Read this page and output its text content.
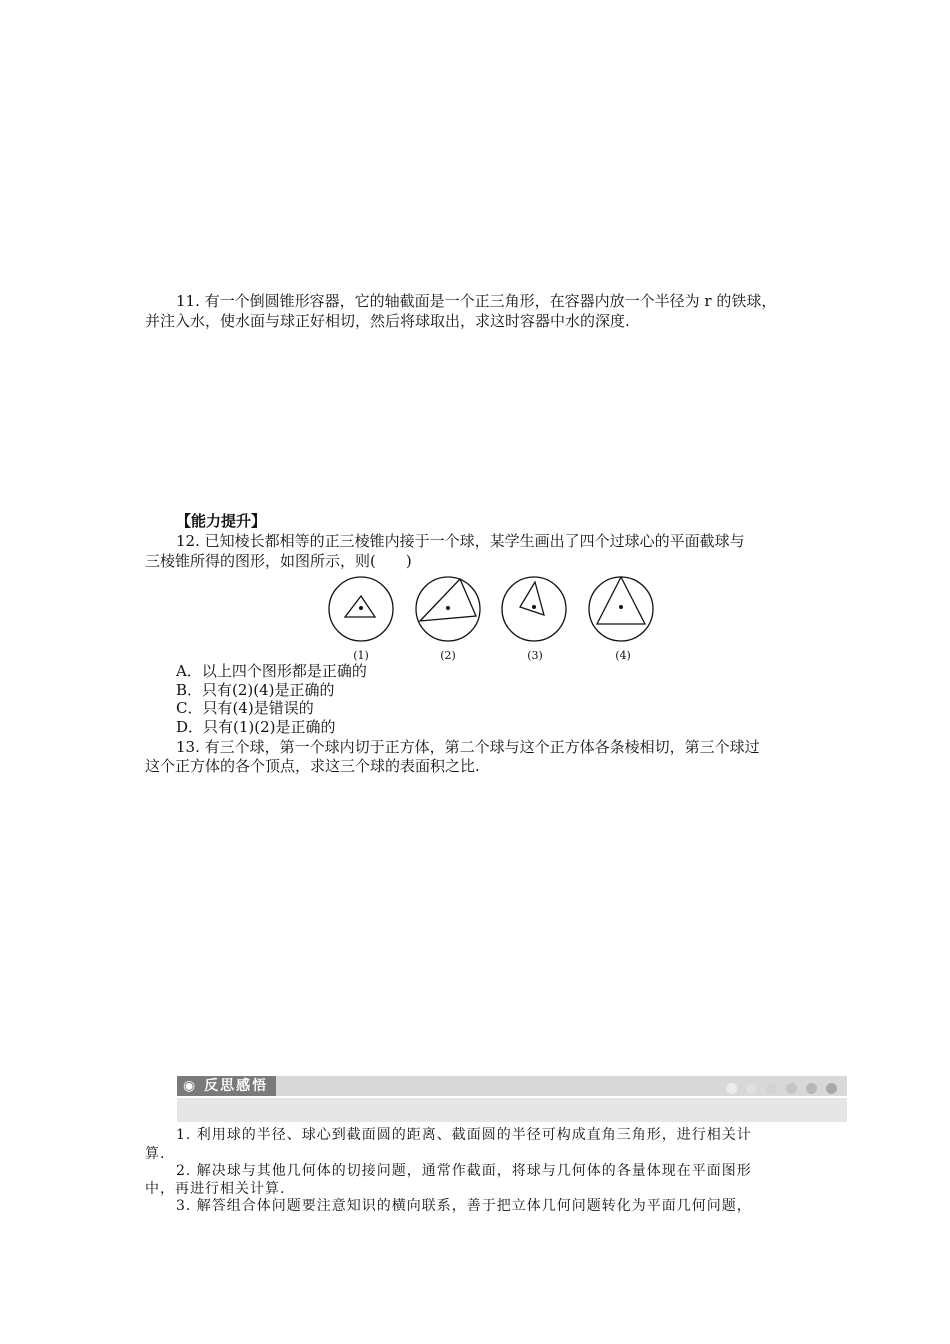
11. 有一个倒圆锥形容器，它的轴截面是一个正三角形，在容器内放一个半径为 r 的铁球，
并注入水，使水面与球正好相切，然后将球取出，求这时容器中水的深度.
【能力提升】
12. 已知棱长都相等的正三棱锥内接于一个球，某学生画出了四个过球心的平面截球与
三棱锥所得的图形，如图所示，则(　　)
(1)	(2)	(3)	(4)
A．以上四个图形都是正确的
B．只有(2)(4)是正确的
C．只有(4)是错误的
D．只有(1)(2)是正确的
13. 有三个球，第一个球内切于正方体，第二个球与这个正方体各条棱相切，第三个球过
这个正方体的各个顶点，求这三个球的表面积之比.
◉ 反思感悟
1. 利用球的半径、球心到截面圆的距离、截面圆的半径可构成直角三角形，进行相关计
算.
2. 解决球与其他几何体的切接问题，通常作截面，将球与几何体的各量体现在平面图形
中，再进行相关计算.
3. 解答组合体问题要注意知识的横向联系，善于把立体几何问题转化为平面几何问题，
